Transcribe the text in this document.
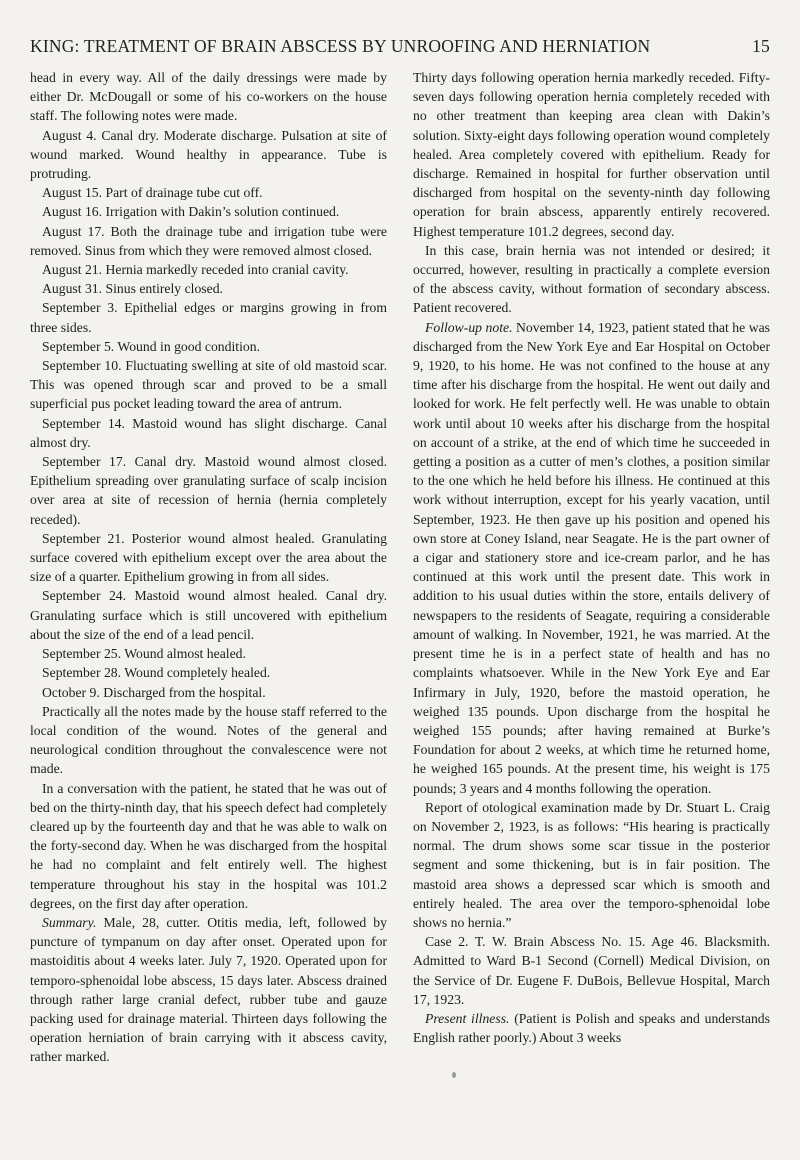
KING: TREATMENT OF BRAIN ABSCESS BY UNROOFING AND HERNIATION	15

head in every way. All of the daily dressings were made by either Dr. McDougall or some of his co-workers on the house staff. The following notes were made.

August 4. Canal dry. Moderate discharge. Pulsation at site of wound marked. Wound healthy in appearance. Tube is protruding.

August 15. Part of drainage tube cut off.

August 16. Irrigation with Dakin’s solution continued.

August 17. Both the drainage tube and irrigation tube were removed. Sinus from which they were removed almost closed.

August 21. Hernia markedly receded into cranial cavity.

August 31. Sinus entirely closed.

September 3. Epithelial edges or margins growing in from three sides.

September 5. Wound in good condition.

September 10. Fluctuating swelling at site of old mastoid scar. This was opened through scar and proved to be a small superficial pus pocket leading toward the area of antrum.

September 14. Mastoid wound has slight discharge. Canal almost dry.

September 17. Canal dry. Mastoid wound almost closed. Epithelium spreading over granulating surface of scalp incision over area at site of recession of hernia (hernia completely receded).

September 21. Posterior wound almost healed. Granulating surface covered with epithelium except over the area about the size of a quarter. Epithelium growing in from all sides.

September 24. Mastoid wound almost healed. Canal dry. Granulating surface which is still uncovered with epithelium about the size of the end of a lead pencil.

September 25. Wound almost healed.

September 28. Wound completely healed.

October 9. Discharged from the hospital.

Practically all the notes made by the house staff referred to the local condition of the wound. Notes of the general and neurological condition throughout the convalescence were not made.

In a conversation with the patient, he stated that he was out of bed on the thirty-ninth day, that his speech defect had completely cleared up by the fourteenth day and that he was able to walk on the forty-second day. When he was discharged from the hospital he had no complaint and felt entirely well. The highest temperature throughout his stay in the hospital was 101.2 degrees, on the first day after operation.

Summary. Male, 28, cutter. Otitis media, left, followed by puncture of tympanum on day after onset. Operated upon for mastoiditis about 4 weeks later. July 7, 1920. Operated upon for temporo-sphenoidal lobe abscess, 15 days later. Abscess drained through rather large cranial defect, rubber tube and gauze packing used for drainage material. Thirteen days following the operation herniation of brain carrying with it abscess cavity, rather marked.

Thirty days following operation hernia markedly receded. Fifty-seven days following operation hernia completely receded with no other treatment than keeping area clean with Dakin’s solution. Sixty-eight days following operation wound completely healed. Area completely covered with epithelium. Ready for discharge. Remained in hospital for further observation until discharged from hospital on the seventy-ninth day following operation for brain abscess, apparently entirely recovered. Highest temperature 101.2 degrees, second day.

In this case, brain hernia was not intended or desired; it occurred, however, resulting in practically a complete eversion of the abscess cavity, without formation of secondary abscess. Patient recovered.

Follow-up note. November 14, 1923, patient stated that he was discharged from the New York Eye and Ear Hospital on October 9, 1920, to his home. He was not confined to the house at any time after his discharge from the hospital. He went out daily and looked for work. He felt perfectly well. He was unable to obtain work until about 10 weeks after his discharge from the hospital on account of a strike, at the end of which time he succeeded in getting a position as a cutter of men’s clothes, a position similar to the one which he held before his illness. He continued at this work without interruption, except for his yearly vacation, until September, 1923. He then gave up his position and opened his own store at Coney Island, near Seagate. He is the part owner of a cigar and stationery store and ice-cream parlor, and he has continued at this work until the present date. This work in addition to his usual duties within the store, entails delivery of newspapers to the residents of Seagate, requiring a considerable amount of walking. In November, 1921, he was married. At the present time he is in a perfect state of health and has no complaints whatsoever. While in the New York Eye and Ear Infirmary in July, 1920, before the mastoid operation, he weighed 135 pounds. Upon discharge from the hospital he weighed 155 pounds; after having remained at Burke’s Foundation for about 2 weeks, at which time he returned home, he weighed 165 pounds. At the present time, his weight is 175 pounds; 3 years and 4 months following the operation.

Report of otological examination made by Dr. Stuart L. Craig on November 2, 1923, is as follows: “His hearing is practically normal. The drum shows some scar tissue in the posterior segment and some thickening, but is in fair position. The mastoid area shows a depressed scar which is smooth and entirely healed. The area over the temporo-sphenoidal lobe shows no hernia.”

Case 2. T. W. Brain Abscess No. 15. Age 46. Blacksmith. Admitted to Ward B-1 Second (Cornell) Medical Division, on the Service of Dr. Eugene F. DuBois, Bellevue Hospital, March 17, 1923.

Present illness. (Patient is Polish and speaks and understands English rather poorly.) About 3 weeks
